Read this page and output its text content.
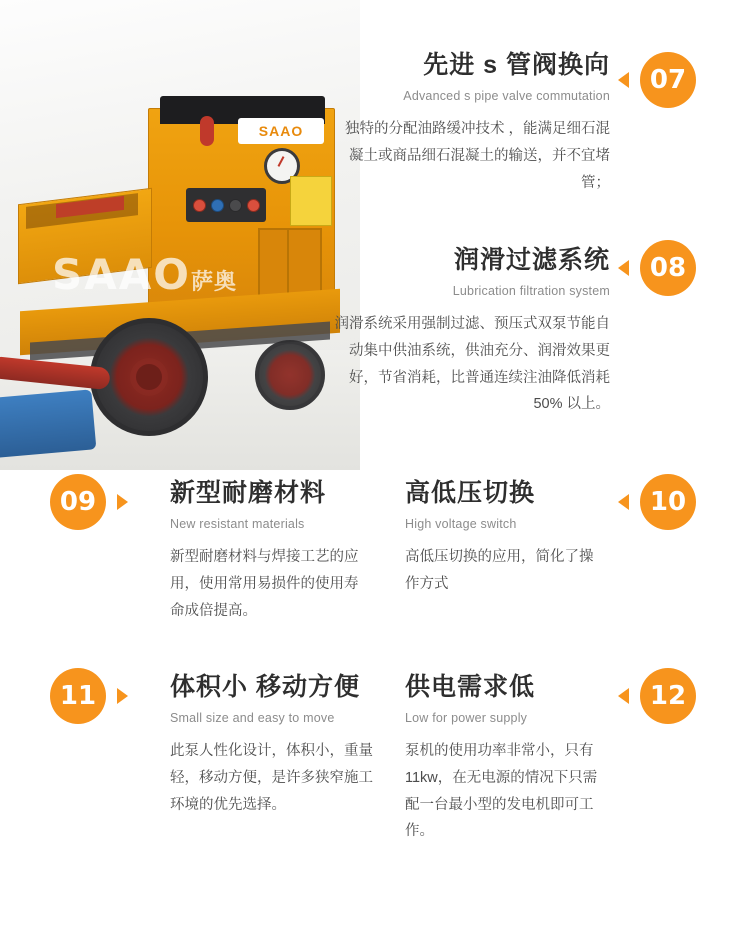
SAAO
SAAO萨奥
先进 s 管阀换向
Advanced s pipe valve commutation
独特的分配油路缓冲技术 ，能满足细石混凝土或商品细石混凝土的输送，并不宜堵管；
07
润滑过滤系统
Lubrication filtration system
润滑系统采用强制过滤、预压式双泵节能自动集中供油系统，供油充分、润滑效果更好，节省消耗，比普通连续注油降低消耗 50% 以上。
08
09	新型耐磨材料
New resistant materials
新型耐磨材料与焊接工艺的应用，使用常用易损件的使用寿命成倍提高。
高低压切换
High voltage switch
高低压切换的应用，简化了操作方式
10
11	体积小 移动方便
Small size and easy to move
此泵人性化设计，体积小，重量轻，移动方便，是许多狭窄施工环境的优先选择。
供电需求低
Low for power supply
泵机的使用功率非常小，只有 11kw，在无电源的情况下只需配一台最小型的发电机即可工作。
12
